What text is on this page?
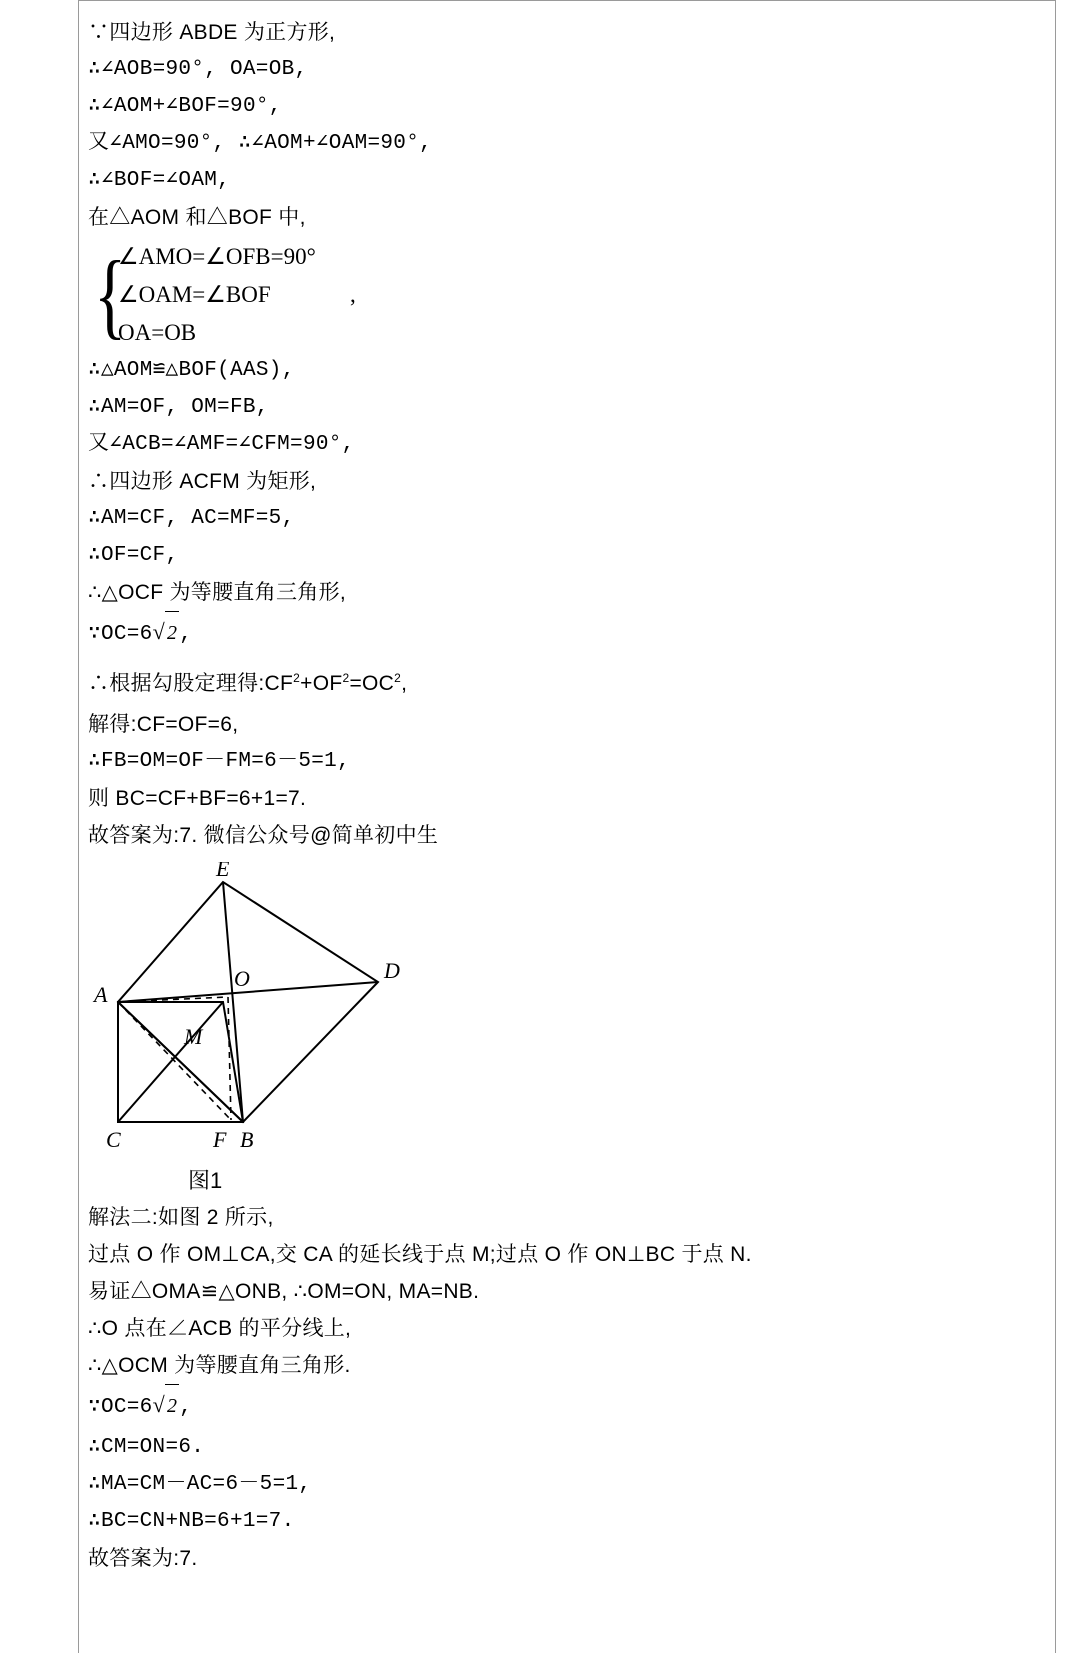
∵四边形 ABDE 为正方形,
∴∠AOB=90°, OA=OB,
∴∠AOM+∠BOF=90°,
又∠AMO=90°, ∴∠AOM+∠OAM=90°,
∴∠BOF=∠OAM,
在△AOM 和△BOF 中,
{
∠AMO=∠OFB=90°
∠OAM=∠BOF
OA=OB
,
∴△AOM≌△BOF(AAS),
∴AM=OF, OM=FB,
又∠ACB=∠AMF=∠CFM=90°,
∴四边形 ACFM 为矩形,
∴AM=CF, AC=MF=5,
∴OF=CF,
∴△OCF 为等腰直角三角形,
∵OC=6√ 2,
∴根据勾股定理得$:CF^2+OF^2=OC^2$,
解得:CF=OF=6,
∴FB=OM=OF－FM=6－5=1,
则 BC=CF+BF=6+1=7.
故答案为:7. 微信公众号@简单初中生
E
D
O
A
M
C	F B
图1
解法二:如图 2 所示,
过点 O 作 OM⊥CA,交 CA 的延长线于点 M;过点 O 作 ON⊥BC 于点 N.
易证△OMA≌△ONB, ∴OM=ON, MA=NB.
∴O 点在∠ACB 的平分线上,
∴△OCM 为等腰直角三角形.
∵OC=6√ 2,
∴CM=ON=6.
∴MA=CM－AC=6－5=1,
∴BC=CN+NB=6+1=7.
故答案为:7.
